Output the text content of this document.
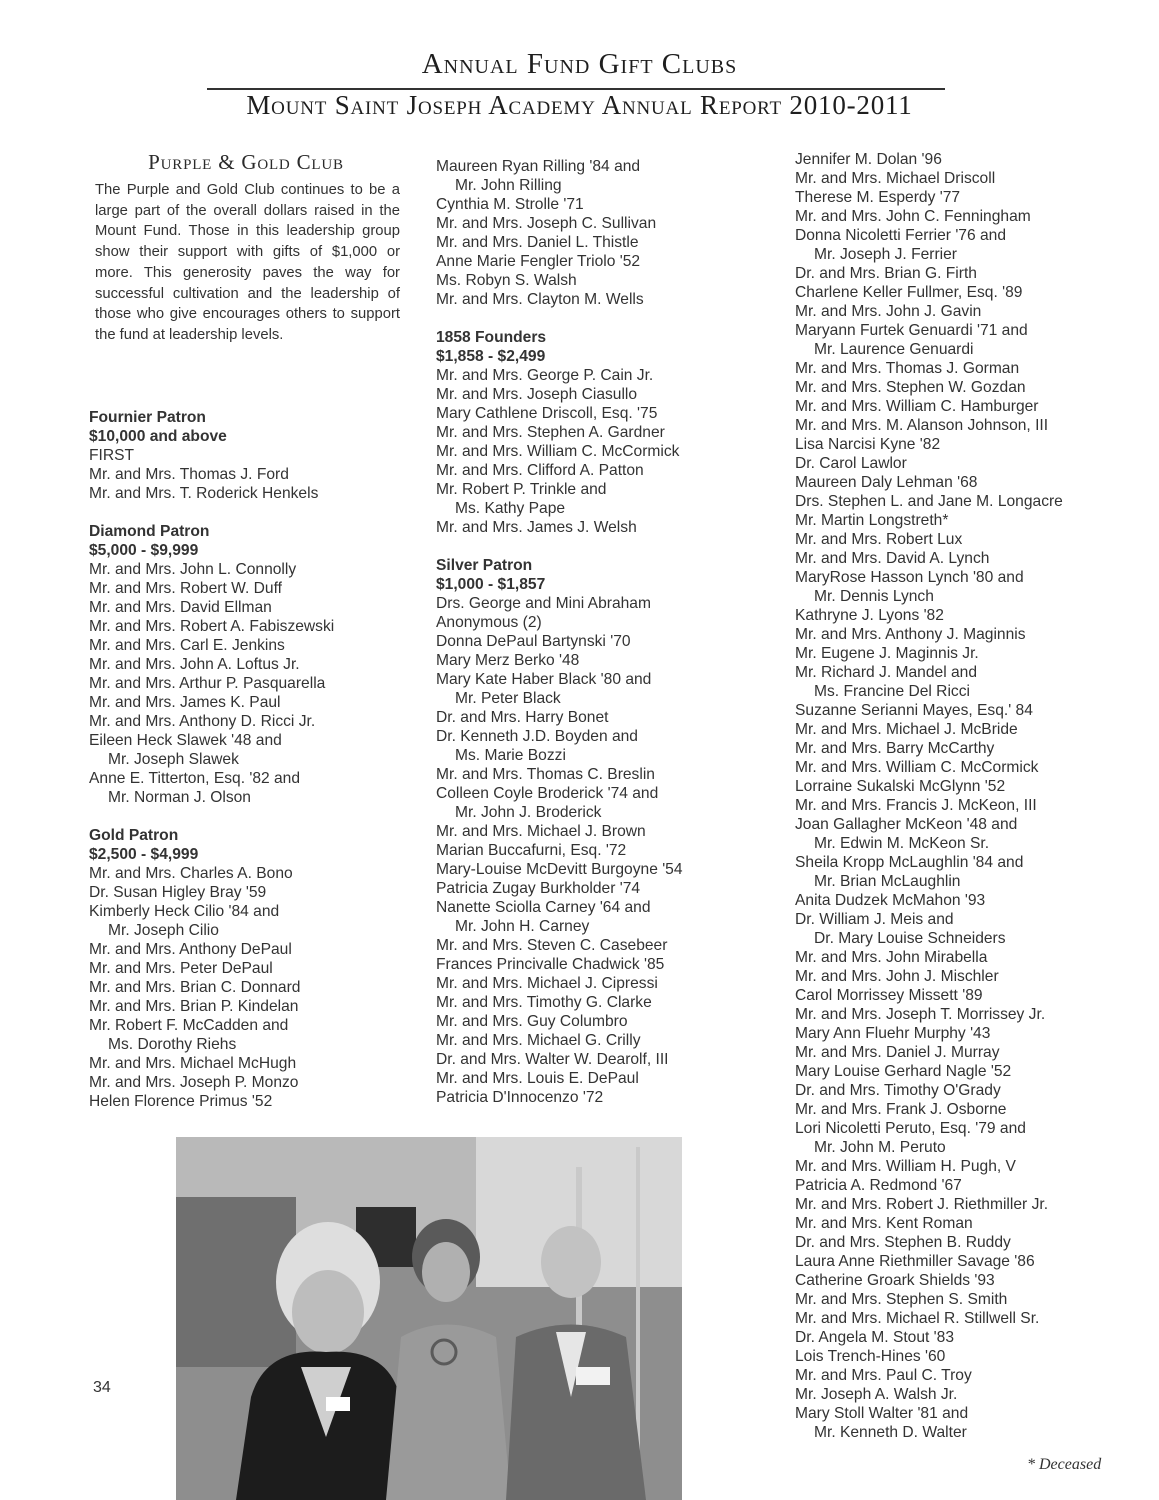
Annual Fund Gift Clubs
Mount Saint Joseph Academy Annual Report 2010-2011
Purple & Gold Club

The Purple and Gold Club continues to be a large part of the overall dollars raised in the Mount Fund. Those in this leadership group show their support with gifts of $1,000 or more. This generosity paves the way for successful cultivation and the leadership of those who give encourages others to support the fund at leadership levels.

Fournier Patron
$10,000 and above
FIRST
Mr. and Mrs. Thomas J. Ford
Mr. and Mrs. T. Roderick Henkels
Diamond Patron
$5,000 - $9,999
Mr. and Mrs. John L. Connolly
Mr. and Mrs. Robert W. Duff
Mr. and Mrs. David Ellman
Mr. and Mrs. Robert A. Fabiszewski
Mr. and Mrs. Carl E. Jenkins
Mr. and Mrs. John A. Loftus Jr.
Mr. and Mrs. Arthur P. Pasquarella
Mr. and Mrs. James K. Paul
Mr. and Mrs. Anthony D. Ricci Jr.
Eileen Heck Slawek '48 and
Mr. Joseph Slawek
Anne E. Titterton, Esq. '82 and
Mr. Norman J. Olson
Gold Patron
$2,500 - $4,999
Mr. and Mrs. Charles A. Bono
Dr. Susan Higley Bray '59
Kimberly Heck Cilio '84 and
Mr. Joseph Cilio
Mr. and Mrs. Anthony DePaul
Mr. and Mrs. Peter DePaul
Mr. and Mrs. Brian C. Donnard
Mr. and Mrs. Brian P. Kindelan
Mr. Robert F. McCadden and
Ms. Dorothy Riehs
Mr. and Mrs. Michael McHugh
Mr. and Mrs. Joseph P. Monzo
Helen Florence Primus '52
Maureen Ryan Rilling '84 and
Mr. John Rilling
Cynthia M. Strolle '71
Mr. and Mrs. Joseph C. Sullivan
Mr. and Mrs. Daniel L. Thistle
Anne Marie Fengler Triolo '52
Ms. Robyn S. Walsh
Mr. and Mrs. Clayton M. Wells
1858 Founders
$1,858 - $2,499
Mr. and Mrs. George P. Cain Jr.
Mr. and Mrs. Joseph Ciasullo
Mary Cathlene Driscoll, Esq. '75
Mr. and Mrs. Stephen A. Gardner
Mr. and Mrs. William C. McCormick
Mr. and Mrs. Clifford A. Patton
Mr. Robert P. Trinkle and
Ms. Kathy Pape
Mr. and Mrs. James J. Welsh
Silver Patron
$1,000 - $1,857
Drs. George and Mini Abraham
Anonymous (2)
Donna DePaul Bartynski '70
Mary Merz Berko '48
Mary Kate Haber Black '80 and
Mr. Peter Black
Dr. and Mrs. Harry Bonet
Dr. Kenneth J.D. Boyden and
Ms. Marie Bozzi
Mr. and Mrs. Thomas C. Breslin
Colleen Coyle Broderick '74 and
Mr. John J. Broderick
Mr. and Mrs. Michael J. Brown
Marian Buccafurni, Esq. '72
Mary-Louise McDevitt Burgoyne '54
Patricia Zugay Burkholder '74
Nanette Sciolla Carney '64 and
Mr. John H. Carney
Mr. and Mrs. Steven C. Casebeer
Frances Princivalle Chadwick '85
Mr. and Mrs. Michael J. Cipressi
Mr. and Mrs. Timothy G. Clarke
Mr. and Mrs. Guy Columbro
Mr. and Mrs. Michael G. Crilly
Dr. and Mrs. Walter W. Dearolf, III
Mr. and Mrs. Louis E. DePaul
Patricia D'Innocenzo '72
Jennifer M. Dolan '96
Mr. and Mrs. Michael Driscoll
Therese M. Esperdy '77
Mr. and Mrs. John C. Fenningham
Donna Nicoletti Ferrier '76 and
Mr. Joseph J. Ferrier
Dr. and Mrs. Brian G. Firth
Charlene Keller Fullmer, Esq. '89
Mr. and Mrs. John J. Gavin
Maryann Furtek Genuardi '71 and
Mr. Laurence Genuardi
Mr. and Mrs. Thomas J. Gorman
Mr. and Mrs. Stephen W. Gozdan
Mr. and Mrs. William C. Hamburger
Mr. and Mrs. M. Alanson Johnson, III
Lisa Narcisi Kyne '82
Dr. Carol Lawlor
Maureen Daly Lehman '68
Drs. Stephen L. and Jane M. Longacre
Mr. Martin Longstreth*
Mr. and Mrs. Robert Lux
Mr. and Mrs. David A. Lynch
MaryRose Hasson Lynch '80 and
Mr. Dennis Lynch
Kathryne J. Lyons '82
Mr. and Mrs. Anthony J. Maginnis
Mr. Eugene J. Maginnis Jr.
Mr. Richard J. Mandel and
Ms. Francine Del Ricci
Suzanne Serianni Mayes, Esq.' 84
Mr. and Mrs. Michael J. McBride
Mr. and Mrs. Barry McCarthy
Mr. and Mrs. William C. McCormick
Lorraine Sukalski McGlynn '52
Mr. and Mrs. Francis J. McKeon, III
Joan Gallagher McKeon '48 and
Mr. Edwin M. McKeon Sr.
Sheila Kropp McLaughlin '84 and
Mr. Brian McLaughlin
Anita Dudzek McMahon '93
Dr. William J. Meis and
Dr. Mary Louise Schneiders
Mr. and Mrs. John Mirabella
Mr. and Mrs. John J. Mischler
Carol Morrissey Missett '89
Mr. and Mrs. Joseph T. Morrissey Jr.
Mary Ann Fluehr Murphy '43
Mr. and Mrs. Daniel J. Murray
Mary Louise Gerhard Nagle '52
Dr. and Mrs. Timothy O'Grady
Mr. and Mrs. Frank J. Osborne
Lori Nicoletti Peruto, Esq. '79 and
Mr. John M. Peruto
Mr. and Mrs. William H. Pugh, V
Patricia A. Redmond '67
Mr. and Mrs. Robert J. Riethmiller Jr.
Mr. and Mrs. Kent Roman
Dr. and Mrs. Stephen B. Ruddy
Laura Anne Riethmiller Savage '86
Catherine Groark Shields '93
Mr. and Mrs. Stephen S. Smith
Mr. and Mrs. Michael R. Stillwell Sr.
Dr. Angela M. Stout '83
Lois Trench-Hines '60
Mr. and Mrs. Paul C. Troy
Mr. Joseph A. Walsh Jr.
Mary Stoll Walter '81 and
Mr. Kenneth D. Walter
34
* Deceased
